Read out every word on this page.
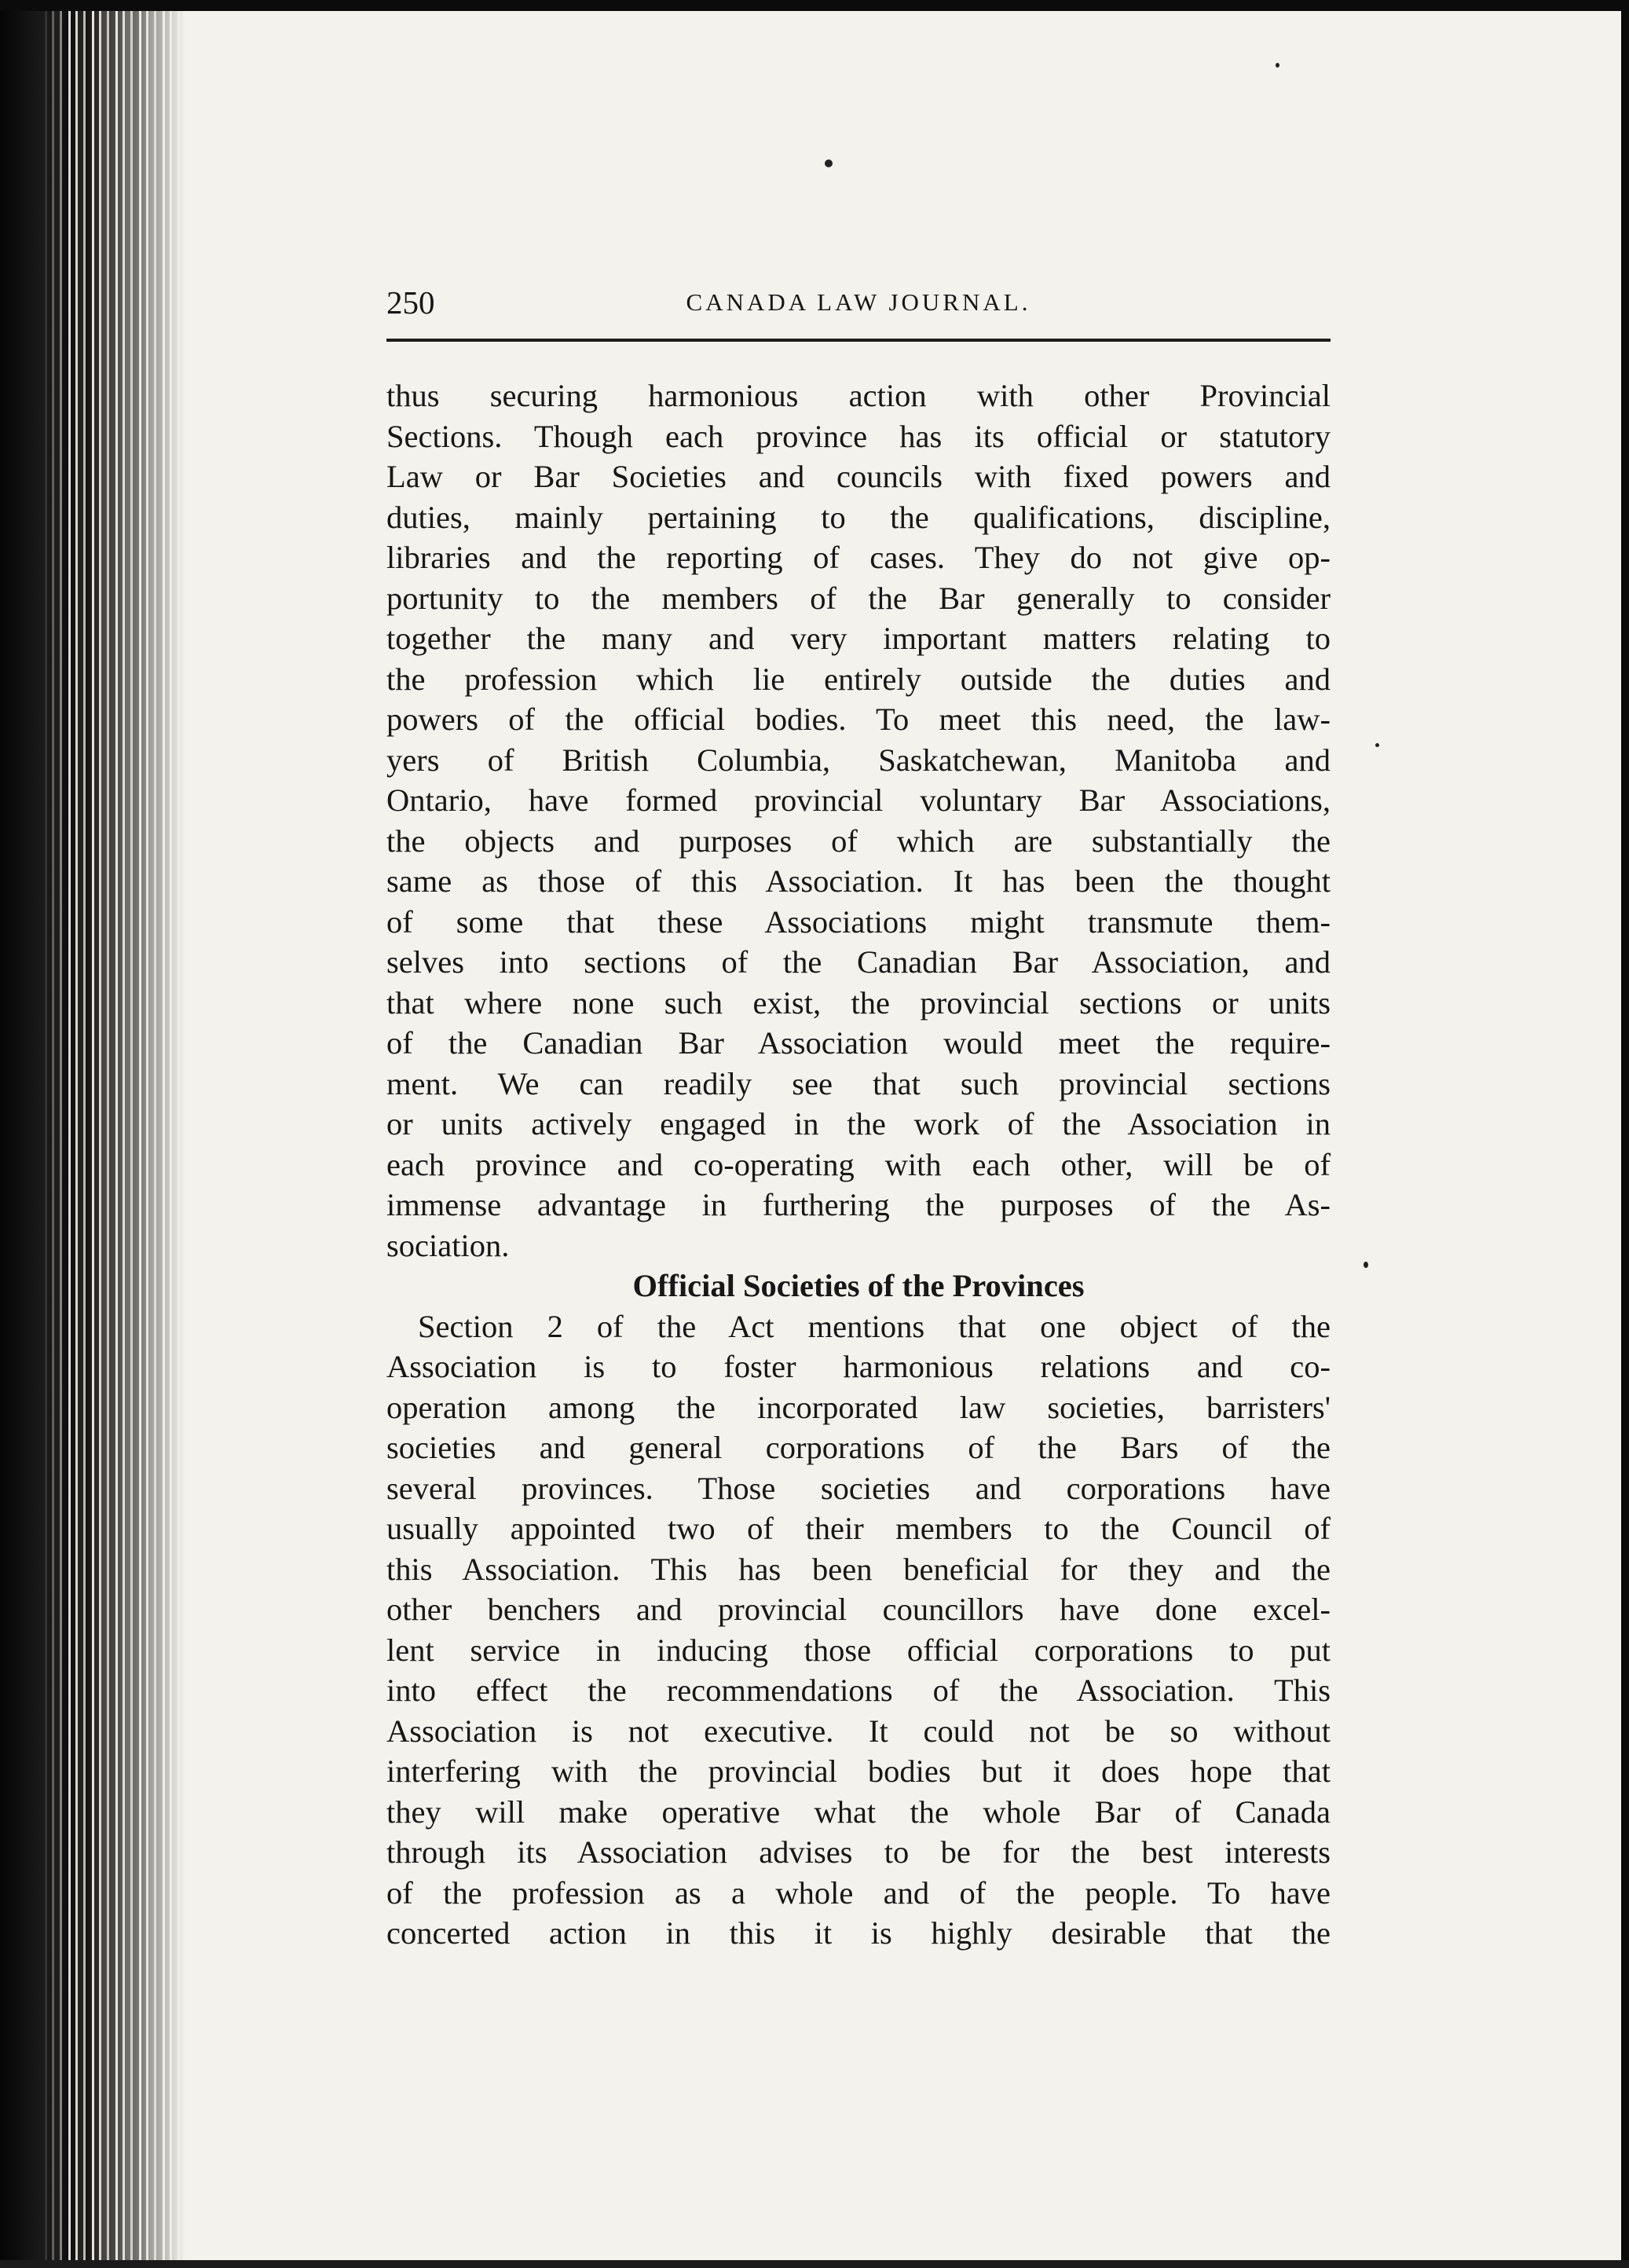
250	CANADA LAW JOURNAL.
thus securing harmonious action with other Provincial
Sections. Though each province has its official or statutory
Law or Bar Societies and councils with fixed powers and
duties, mainly pertaining to the qualifications, discipline,
libraries and the reporting of cases. They do not give op-
portunity to the members of the Bar generally to consider
together the many and very important matters relating to
the profession which lie entirely outside the duties and
powers of the official bodies. To meet this need, the law-
yers of British Columbia, Saskatchewan, Manitoba and
Ontario, have formed provincial voluntary Bar Associations,
the objects and purposes of which are substantially the
same as those of this Association. It has been the thought
of some that these Associations might transmute them-
selves into sections of the Canadian Bar Association, and
that where none such exist, the provincial sections or units
of the Canadian Bar Association would meet the require-
ment. We can readily see that such provincial sections
or units actively engaged in the work of the Association in
each province and co-operating with each other, will be of
immense advantage in furthering the purposes of the As-
sociation.
Official Societies of the Provinces
Section 2 of the Act mentions that one object of the
Association is to foster harmonious relations and co-
operation among the incorporated law societies, barristers'
societies and general corporations of the Bars of the
several provinces. Those societies and corporations have
usually appointed two of their members to the Council of
this Association. This has been beneficial for they and the
other benchers and provincial councillors have done excel-
lent service in inducing those official corporations to put
into effect the recommendations of the Association. This
Association is not executive. It could not be so without
interfering with the provincial bodies but it does hope that
they will make operative what the whole Bar of Canada
through its Association advises to be for the best interests
of the profession as a whole and of the people. To have
concerted action in this it is highly desirable that the
